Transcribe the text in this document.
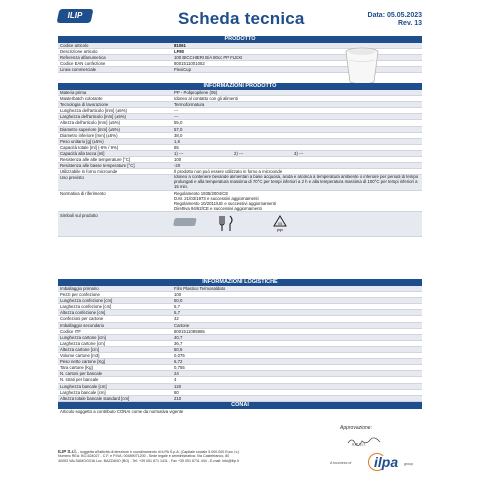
ILIP	Scheda tecnica	Data: 05.05.2023
Rev. 13
PRODOTTO
Codice articolo	81061
Descrizione articolo	LF80
Referenza alfanumerica	100 BICCHIERI B/A 80cc PP FLEXI
Codice EAN confezione	8001511001052
Linea commerciale	FlexiCup
INFORMAZIONI PRODOTTO
Materia prima	PP - Polipropilene (05)
Masterbatch colorante	Idoneo al contatto con gli alimenti
Tecnologia di lavorazione	Termoformatura
Lunghezza dell'articolo [mm] (±5%)	---
Larghezza dell'articolo [mm] (±5%)	---
Altezza dell'articolo [mm] (±5%)	55,0
Diametro superiore [mm] (±5%)	57,0
Diametro inferiore [mm] (±5%)	38,0
Peso unitario [g] (±5%)	1,6
Capacità totale [ml] (-6% / 9%)	85
Capacità alla tacca [ml]	1) ---	2) ---	3) ---
Resistenza alle alte temperature [°C]	100
Resistenza alle basse temperature [°C]	-20
Utilizzabile in forno microonde	Il prodotto non può essere utilizzato in forno a microonde
Uso previsto	Idoneo a contenere bevande alimentari a base acquosa, acida e alcolica a temperatura ambiente o inferiore per periodi di tempo prolungati e alla temperatura massima di 70°C per tempi inferiori a 2 h e alla temperatura massima di 100°C per tempi inferiori a 15 min.
Normativa di riferimento	Regolamento 1935/2004/CE
D.M. 21/03/1973 e successivi aggiornamenti
Regolamento 10/2011/UE e successivi aggiornamenti
Direttiva 94/62/CE e successivi aggiornamenti
Simboli sul prodotto
05
PP
INFORMAZIONI LOGISTICHE
Imballaggio primario	Film Plastico Termosaldato
Pezzi per confezione	100
Lunghezza confezione [cm]	50,0
Larghezza confezione [cm]	5,7
Altezza confezione [cm]	5,7
Confezioni per cartone	42
Imballaggio secondario	Cartone
Codice ITF	8001511085865
Lunghezza cartone [cm]	40,7
Larghezza cartone [cm]	36,7
Altezza cartone [cm]	50,5
Volume cartone [m3]	0,075
Peso netto cartone [Kg]	6,72
Tara cartone [Kg]	0,755
N. cartoni per bancale	24
N. strati per bancale	4
Lunghezza bancale [cm]	120
Larghezza bancale [cm]	80
Altezza totale bancale standard [cm]	210
CONAI
Articolo soggetto a contributo CONAI come da normativa vigente
Approvazione:
ILIP S.r.l.
ILIP S.r.l. - soggetta all'attività di direzione e coordinamento di ILPA S.p.A. (Capitale sociale 5.000.000 Euro i.v.)
Numero REA: BO-524027 - C.F. e P.IVA: 00489071200 - Sede legale e amministrativa: Via Castelfranco, 80
40053 VALSAMOGGIA Loc. BAZZANO (BO) - Tel: +39 051 671 1411 - Fax +39 051 6711 444 - E-mail: info@ilip.it
A business of ilpa group
